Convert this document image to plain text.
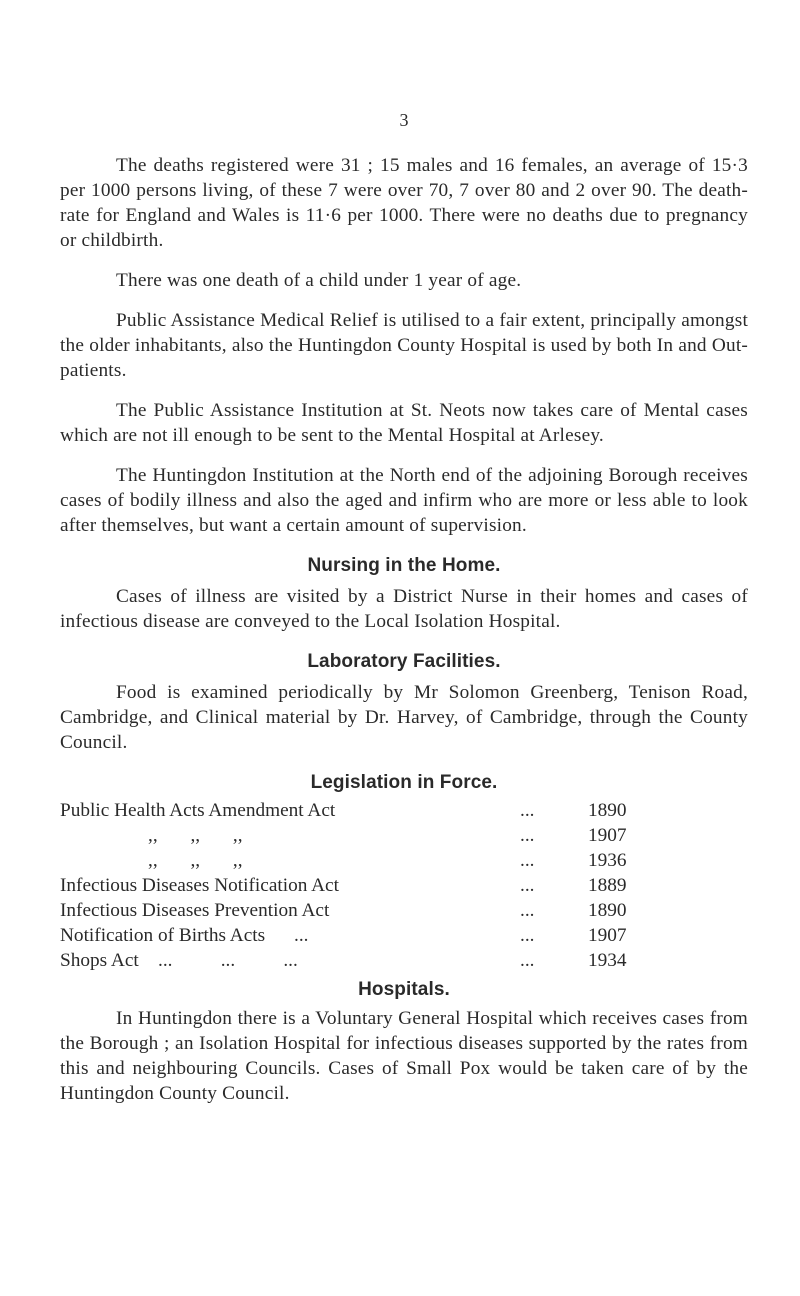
3

The deaths registered were 31 ; 15 males and 16 females, an average of 15·3 per 1000 persons living, of these 7 were over 70, 7 over 80 and 2 over 90. The death-rate for England and Wales is 11·6 per 1000. There were no deaths due to pregnancy or childbirth.

There was one death of a child under 1 year of age.

Public Assistance Medical Relief is utilised to a fair extent, principally amongst the older inhabitants, also the Huntingdon County Hospital is used by both In and Out-patients.

The Public Assistance Institution at St. Neots now takes care of Mental cases which are not ill enough to be sent to the Mental Hospital at Arlesey.

The Huntingdon Institution at the North end of the adjoining Borough receives cases of bodily illness and also the aged and infirm who are more or less able to look after themselves, but want a certain amount of supervision.

Nursing in the Home.

Cases of illness are visited by a District Nurse in their homes and cases of infectious disease are conveyed to the Local Isolation Hospital.

Laboratory Facilities.

Food is examined periodically by Mr Solomon Greenberg, Tenison Road, Cambridge, and Clinical material by Dr. Harvey, of Cambridge, through the County Council.

Legislation in Force.
Public Health Acts Amendment Act	...	1890
,, ,, ,,	...	1907
,, ,, ,,	...	1936
Infectious Diseases Notification Act	...	1889
Infectious Diseases Prevention Act	...	1890
Notification of Births Acts      ...	...	1907
Shops Act    ...          ...          ...	...	1934
Hospitals.

In Huntingdon there is a Voluntary General Hospital which receives cases from the Borough ; an Isolation Hospital for infectious diseases supported by the rates from this and neighbouring Councils. Cases of Small Pox would be taken care of by the Huntingdon County Council.
